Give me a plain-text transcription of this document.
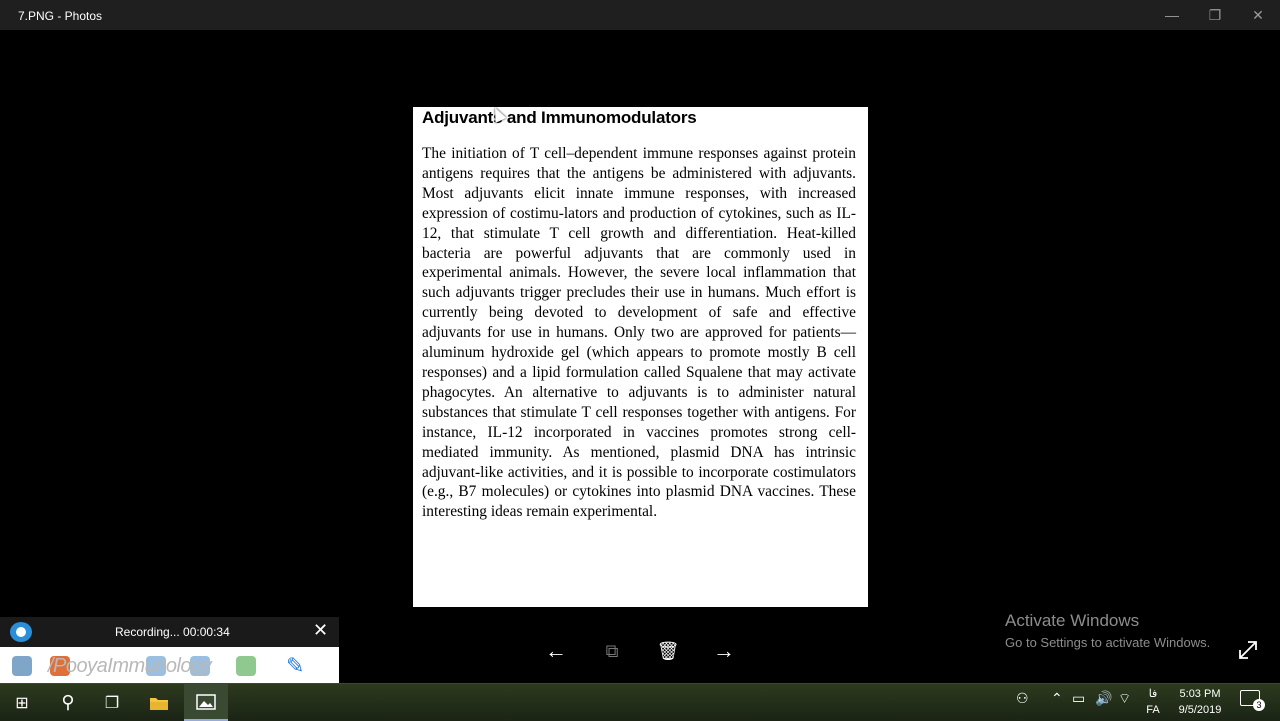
7.PNG - Photos	—	❐	✕
Adjuvants and Immunomodulators

The initiation of T cell–dependent immune responses against protein antigens requires that the antigens be administered with adjuvants. Most adjuvants elicit innate immune responses, with increased expression of costimu-lators and production of cytokines, such as IL-12, that stimulate T cell growth and differentiation. Heat-killed bacteria are powerful adjuvants that are commonly used in experimental animals. However, the severe local inflammation that such adjuvants trigger precludes their use in humans. Much effort is currently being devoted to development of safe and effective adjuvants for use in humans. Only two are approved for patients—aluminum hydroxide gel (which appears to promote mostly B cell responses) and a lipid formulation called Squalene that may activate phagocytes. An alternative to adjuvants is to administer natural substances that stimulate T cell responses together with antigens. For instance, IL-12 incorporated in vaccines promotes strong cell-mediated immunity. As mentioned, plasmid DNA has intrinsic adjuvant-like activities, and it is possible to incorporate costimulators (e.g., B7 molecules) or cytokines into plasmid DNA vaccines. These interesting ideas remain experimental.

←	⧉	🗑 →
Activate Windows
Go to Settings to activate Windows.
Recording... 00:00:34	✕
/PooyaImmunology	✎
⊞	⚲	❐	⚇ ⌃ ▭ 🔊 ⌔	فا
FA
5:03 PM
9/5/2019	3
